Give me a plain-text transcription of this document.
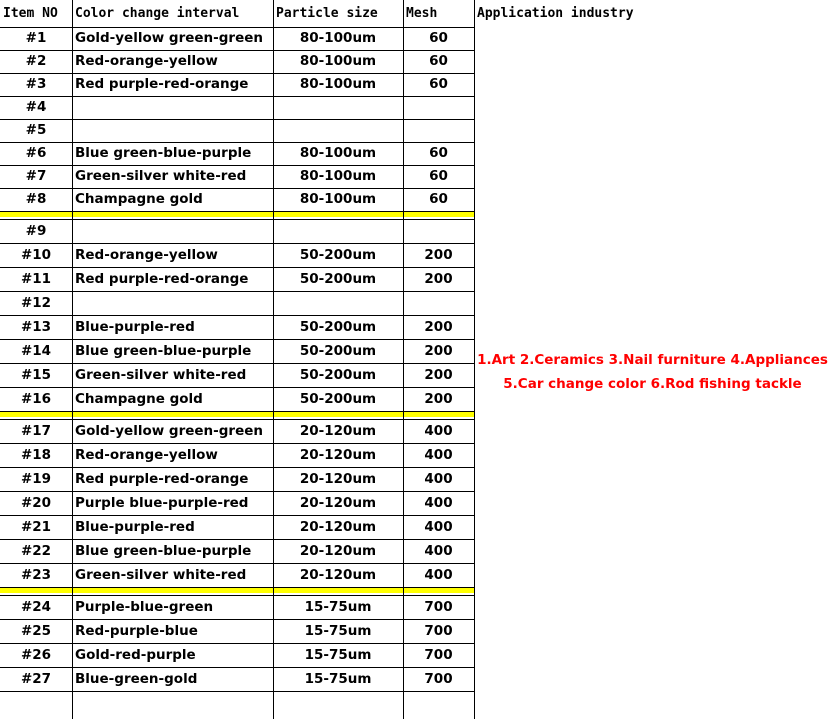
Item NO	Color change interval	Particle size	Mesh	Application industry
1.Art 2.Ceramics 3.Nail furniture 4.Appliances
5.Car change color 6.Rod fishing tackle
#1	Gold-yellow green-green	80-100um	60
#2	Red-orange-yellow	80-100um	60
#3	Red purple-red-orange	80-100um	60
#4
#5
#6	Blue green-blue-purple	80-100um	60
#7	Green-silver white-red	80-100um	60
#8	Champagne gold	80-100um	60
#9
#10	Red-orange-yellow	50-200um	200
#11	Red purple-red-orange	50-200um	200
#12
#13	Blue-purple-red	50-200um	200
#14	Blue green-blue-purple	50-200um	200
#15	Green-silver white-red	50-200um	200
#16	Champagne gold	50-200um	200
#17	Gold-yellow green-green	20-120um	400
#18	Red-orange-yellow	20-120um	400
#19	Red purple-red-orange	20-120um	400
#20	Purple blue-purple-red	20-120um	400
#21	Blue-purple-red	20-120um	400
#22	Blue green-blue-purple	20-120um	400
#23	Green-silver white-red	20-120um	400
#24	Purple-blue-green	15-75um	700
#25	Red-purple-blue	15-75um	700
#26	Gold-red-purple	15-75um	700
#27	Blue-green-gold	15-75um	700
